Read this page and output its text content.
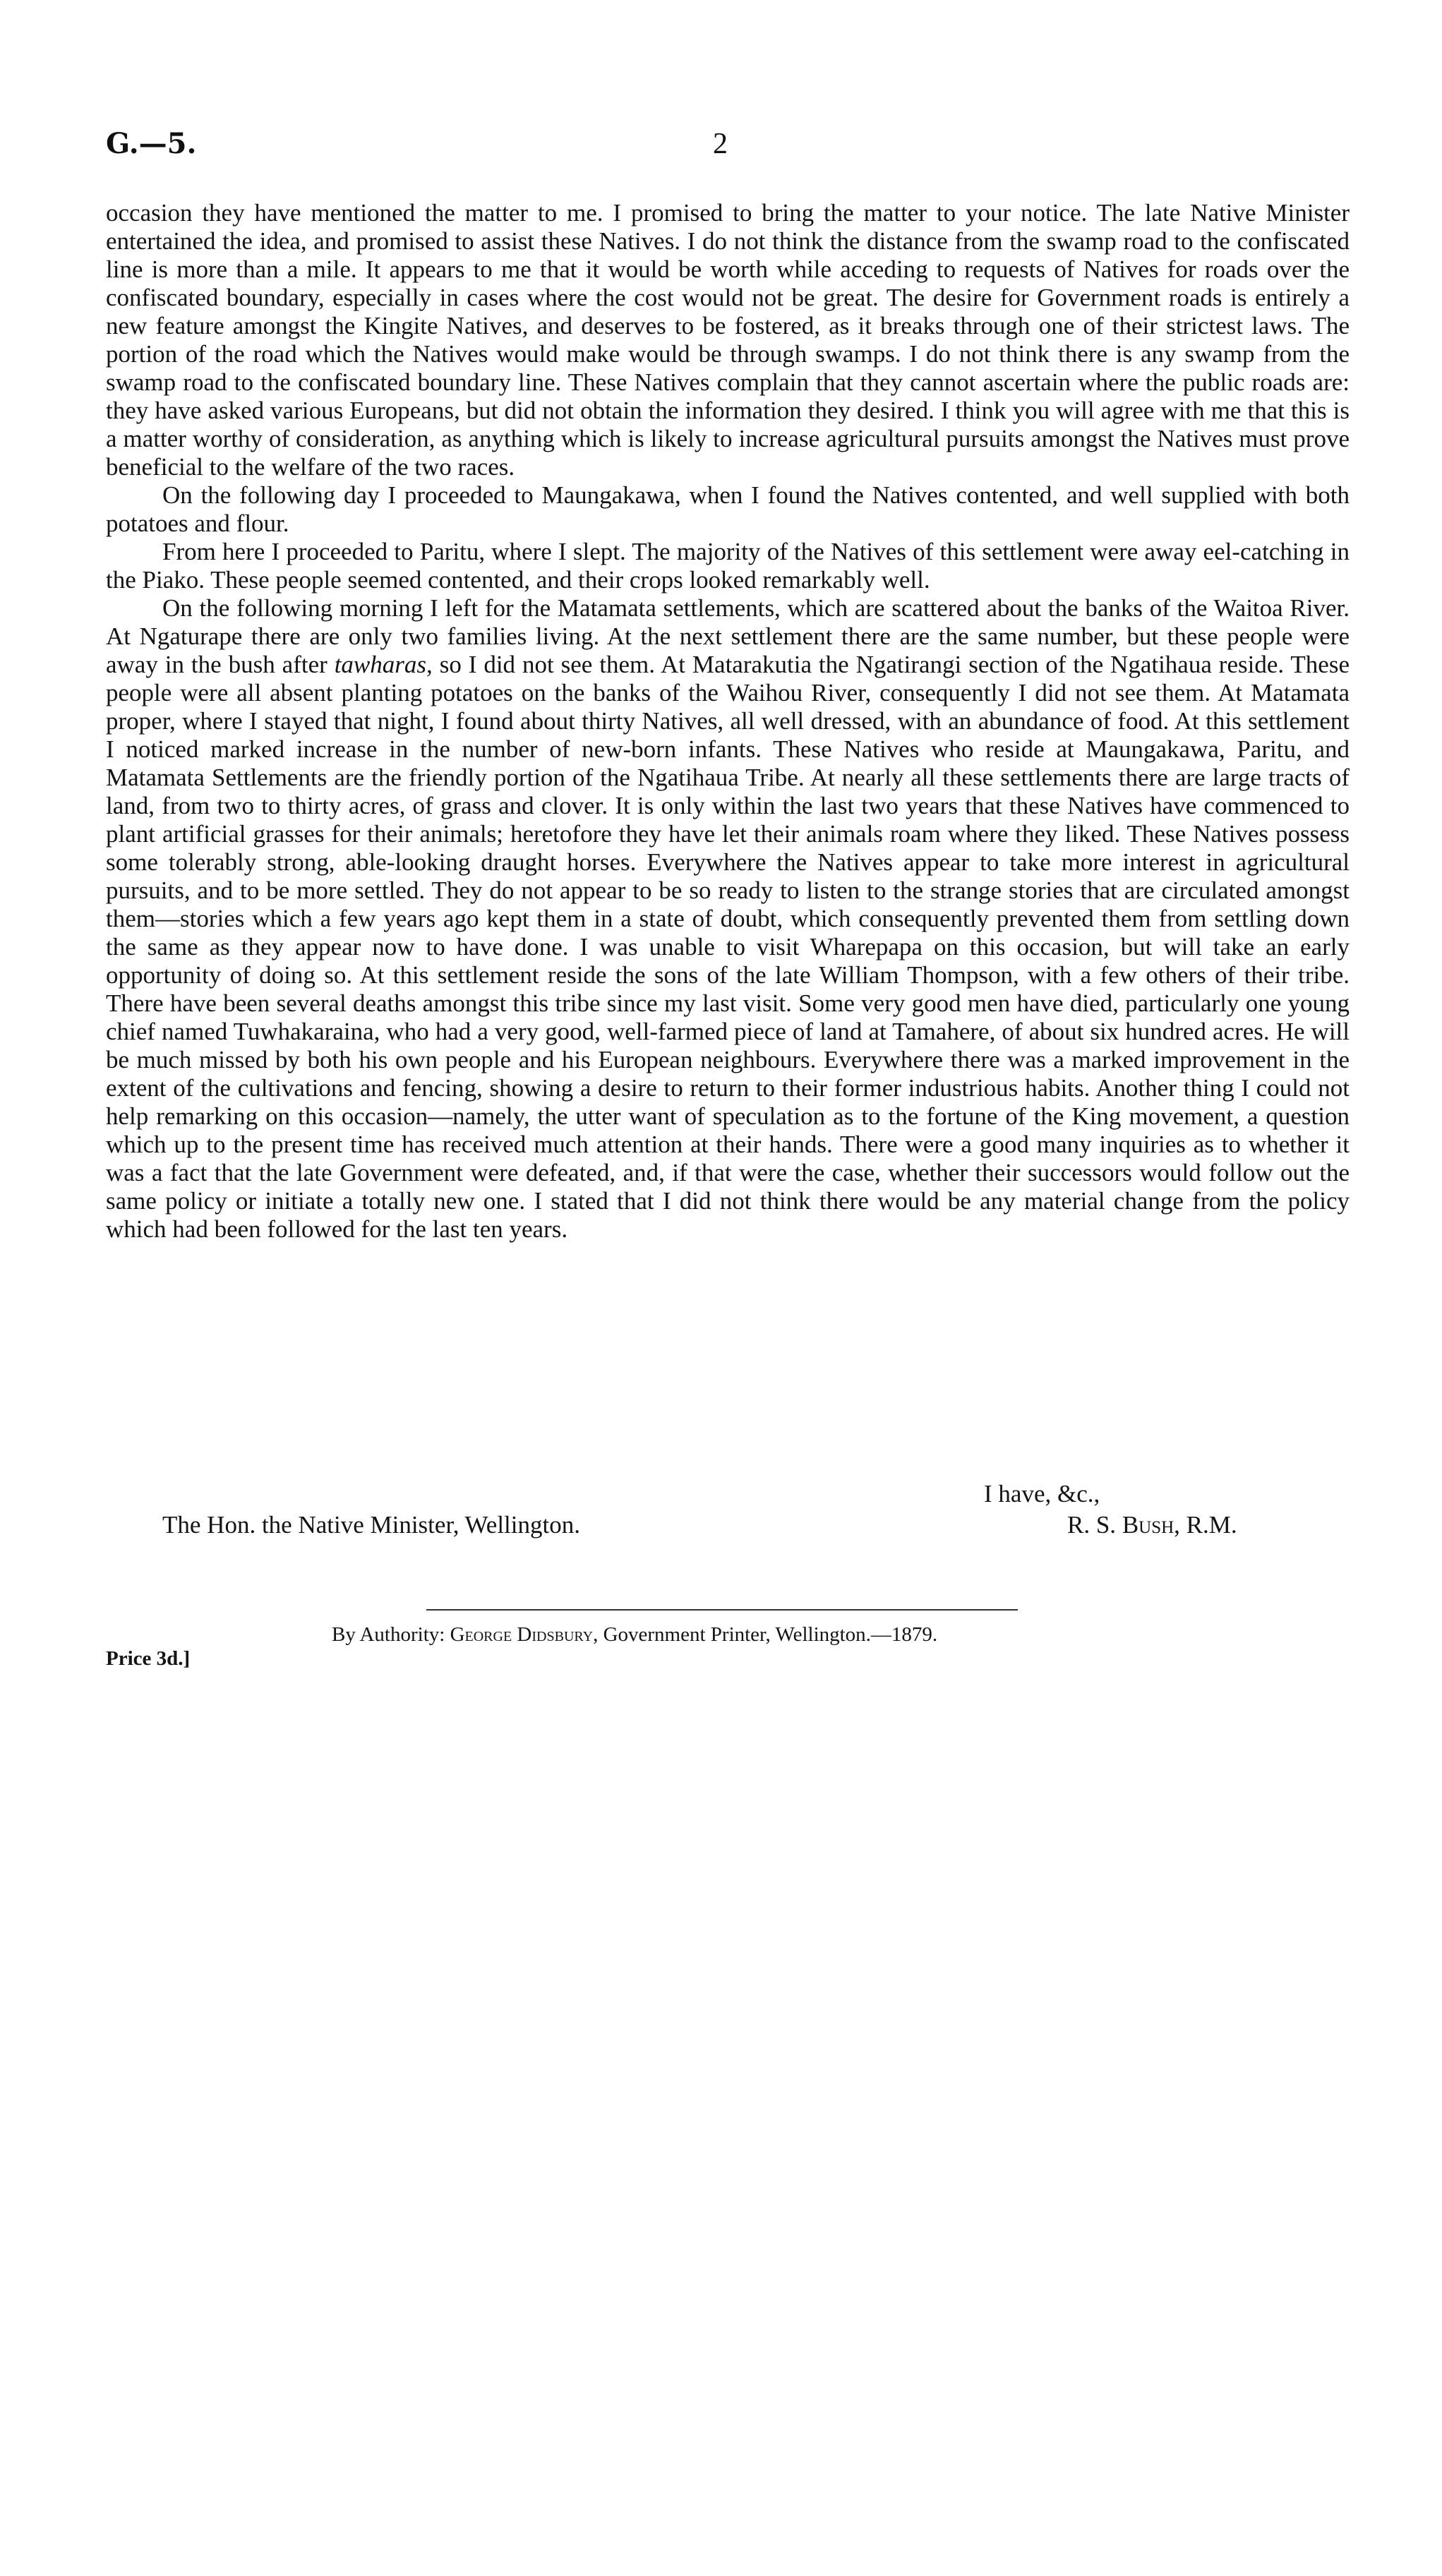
G.—5.	2

occasion they have mentioned the matter to me. I promised to bring the matter to your notice. The late Native Minister entertained the idea, and promised to assist these Natives. I do not think the distance from the swamp road to the confiscated line is more than a mile. It appears to me that it would be worth while acceding to requests of Natives for roads over the confiscated boundary, especially in cases where the cost would not be great. The desire for Government roads is entirely a new feature amongst the Kingite Natives, and deserves to be fostered, as it breaks through one of their strictest laws. The portion of the road which the Natives would make would be through swamps. I do not think there is any swamp from the swamp road to the confiscated boundary line. These Natives complain that they cannot ascertain where the public roads are: they have asked various Europeans, but did not obtain the information they desired. I think you will agree with me that this is a matter worthy of consideration, as anything which is likely to increase agricultural pursuits amongst the Natives must prove beneficial to the welfare of the two races.

On the following day I proceeded to Maungakawa, when I found the Natives contented, and well supplied with both potatoes and flour.

From here I proceeded to Paritu, where I slept. The majority of the Natives of this settlement were away eel-catching in the Piako. These people seemed contented, and their crops looked remarkably well.

On the following morning I left for the Matamata settlements, which are scattered about the banks of the Waitoa River. At Ngaturape there are only two families living. At the next settlement there are the same number, but these people were away in the bush after tawharas, so I did not see them. At Matarakutia the Ngatirangi section of the Ngatihaua reside. These people were all absent planting potatoes on the banks of the Waihou River, consequently I did not see them. At Matamata proper, where I stayed that night, I found about thirty Natives, all well dressed, with an abundance of food. At this settlement I noticed marked increase in the number of new-born infants. These Natives who reside at Maungakawa, Paritu, and Matamata Settlements are the friendly portion of the Ngatihaua Tribe. At nearly all these settlements there are large tracts of land, from two to thirty acres, of grass and clover. It is only within the last two years that these Natives have commenced to plant artificial grasses for their animals; heretofore they have let their animals roam where they liked. These Natives possess some tolerably strong, able-looking draught horses. Everywhere the Natives appear to take more interest in agricultural pursuits, and to be more settled. They do not appear to be so ready to listen to the strange stories that are circulated amongst them—stories which a few years ago kept them in a state of doubt, which consequently prevented them from settling down the same as they appear now to have done. I was unable to visit Wharepapa on this occasion, but will take an early opportunity of doing so. At this settlement reside the sons of the late William Thompson, with a few others of their tribe. There have been several deaths amongst this tribe since my last visit. Some very good men have died, particularly one young chief named Tuwhakaraina, who had a very good, well-farmed piece of land at Tamahere, of about six hundred acres. He will be much missed by both his own people and his European neighbours. Everywhere there was a marked improvement in the extent of the cultivations and fencing, showing a desire to return to their former industrious habits. Another thing I could not help remarking on this occasion—namely, the utter want of speculation as to the fortune of the King movement, a question which up to the present time has received much attention at their hands. There were a good many inquiries as to whether it was a fact that the late Government were defeated, and, if that were the case, whether their successors would follow out the same policy or initiate a totally new one. I stated that I did not think there would be any material change from the policy which had been followed for the last ten years.

I have, &c.,
The Hon. the Native Minister, Wellington.	R. S. Bush, R.M.
By Authority: George Didsbury, Government Printer, Wellington.—1879.
Price 3d.]
